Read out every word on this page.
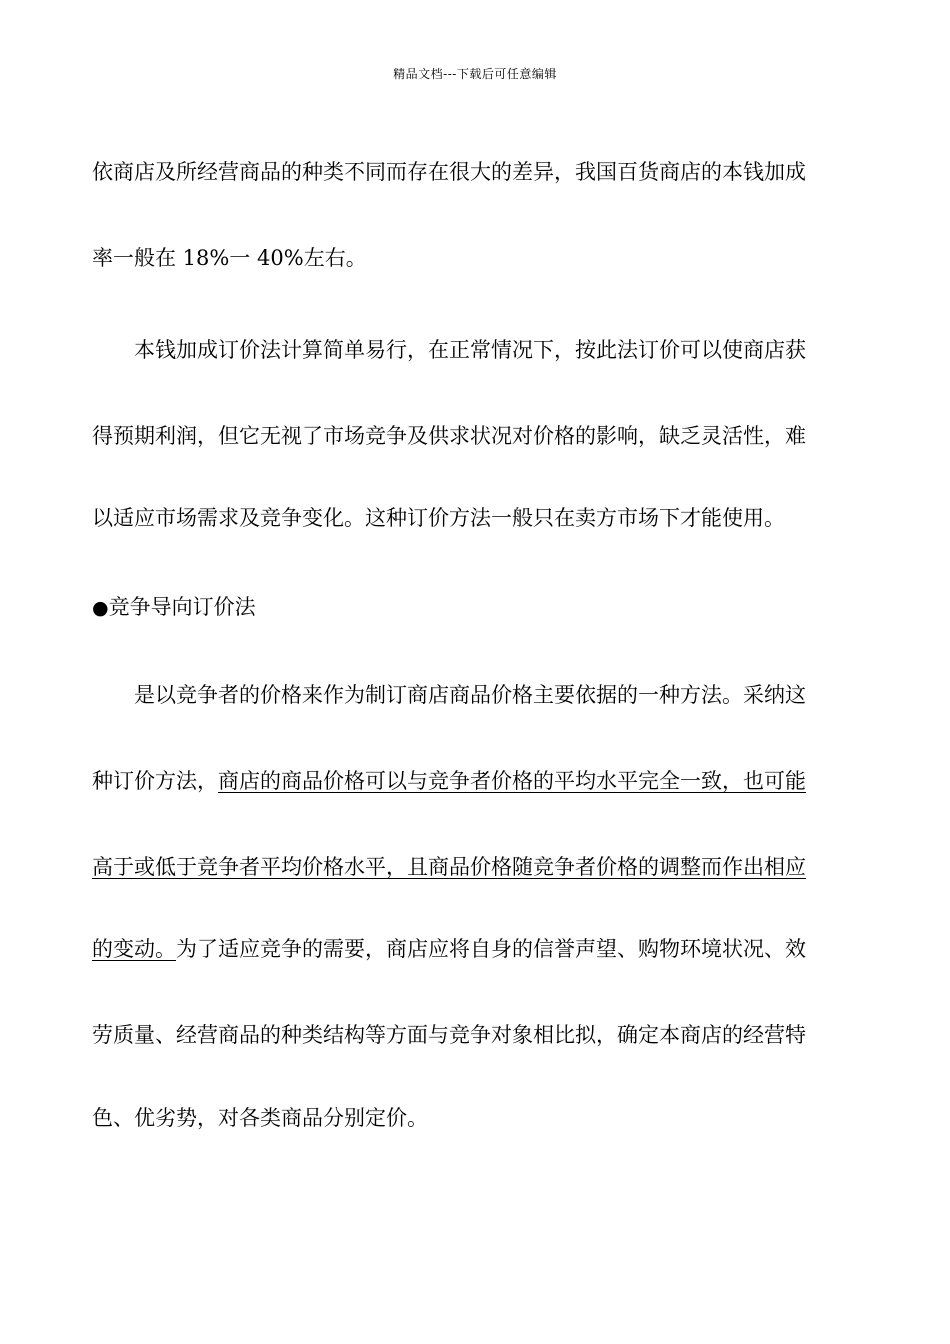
精品文档---下载后可任意编辑
依商店及所经营商品的种类不同而存在很大的差异，我国百货商店的本钱加成
率一般在 18%一 40%左右。
本钱加成订价法计算简单易行，在正常情况下，按此法订价可以使商店获
得预期利润，但它无视了市场竞争及供求状况对价格的影响，缺乏灵活性，难
以适应市场需求及竞争变化。这种订价方法一般只在卖方市场下才能使用。
●竞争导向订价法
是以竞争者的价格来作为制订商店商品价格主要依据的一种方法。采纳这
种订价方法，商店的商品价格可以与竞争者价格的平均水平完全一致，也可能
高于或低于竞争者平均价格水平，且商品价格随竞争者价格的调整而作出相应
的变动。为了适应竞争的需要，商店应将自身的信誉声望、购物环境状况、效
劳质量、经营商品的种类结构等方面与竞争对象相比拟，确定本商店的经营特
色、优劣势，对各类商品分别定价。
